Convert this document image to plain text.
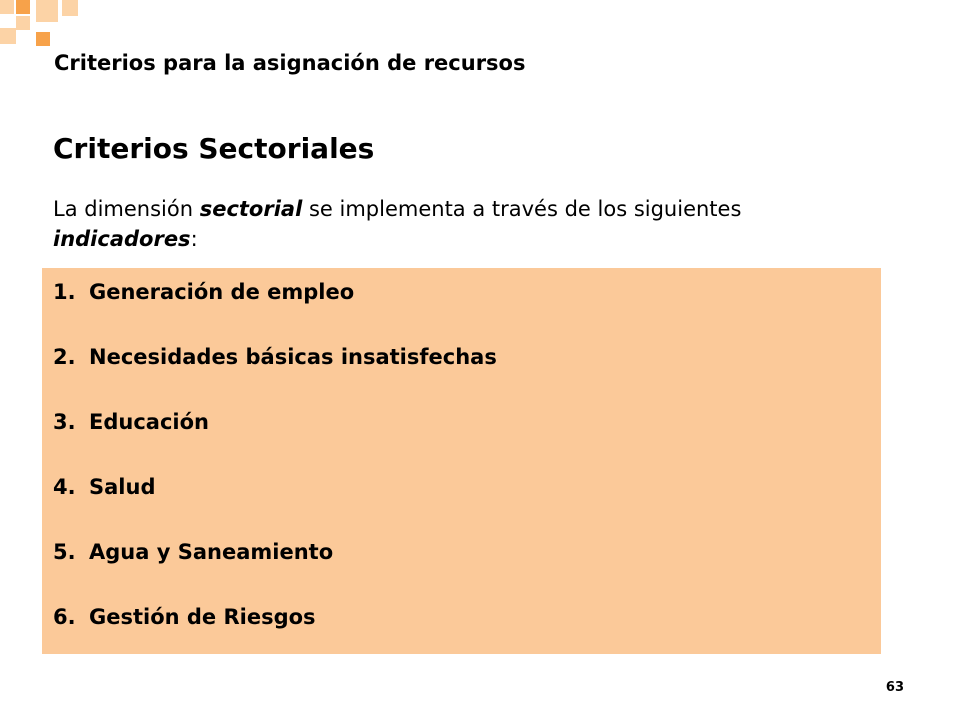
Criterios para la asignación de recursos
Criterios Sectoriales
La dimensión sectorial se implementa a través de los siguientes indicadores:
1. Generación de empleo
2. Necesidades básicas insatisfechas
3. Educación
4. Salud
5. Agua y Saneamiento
6. Gestión de Riesgos
63
